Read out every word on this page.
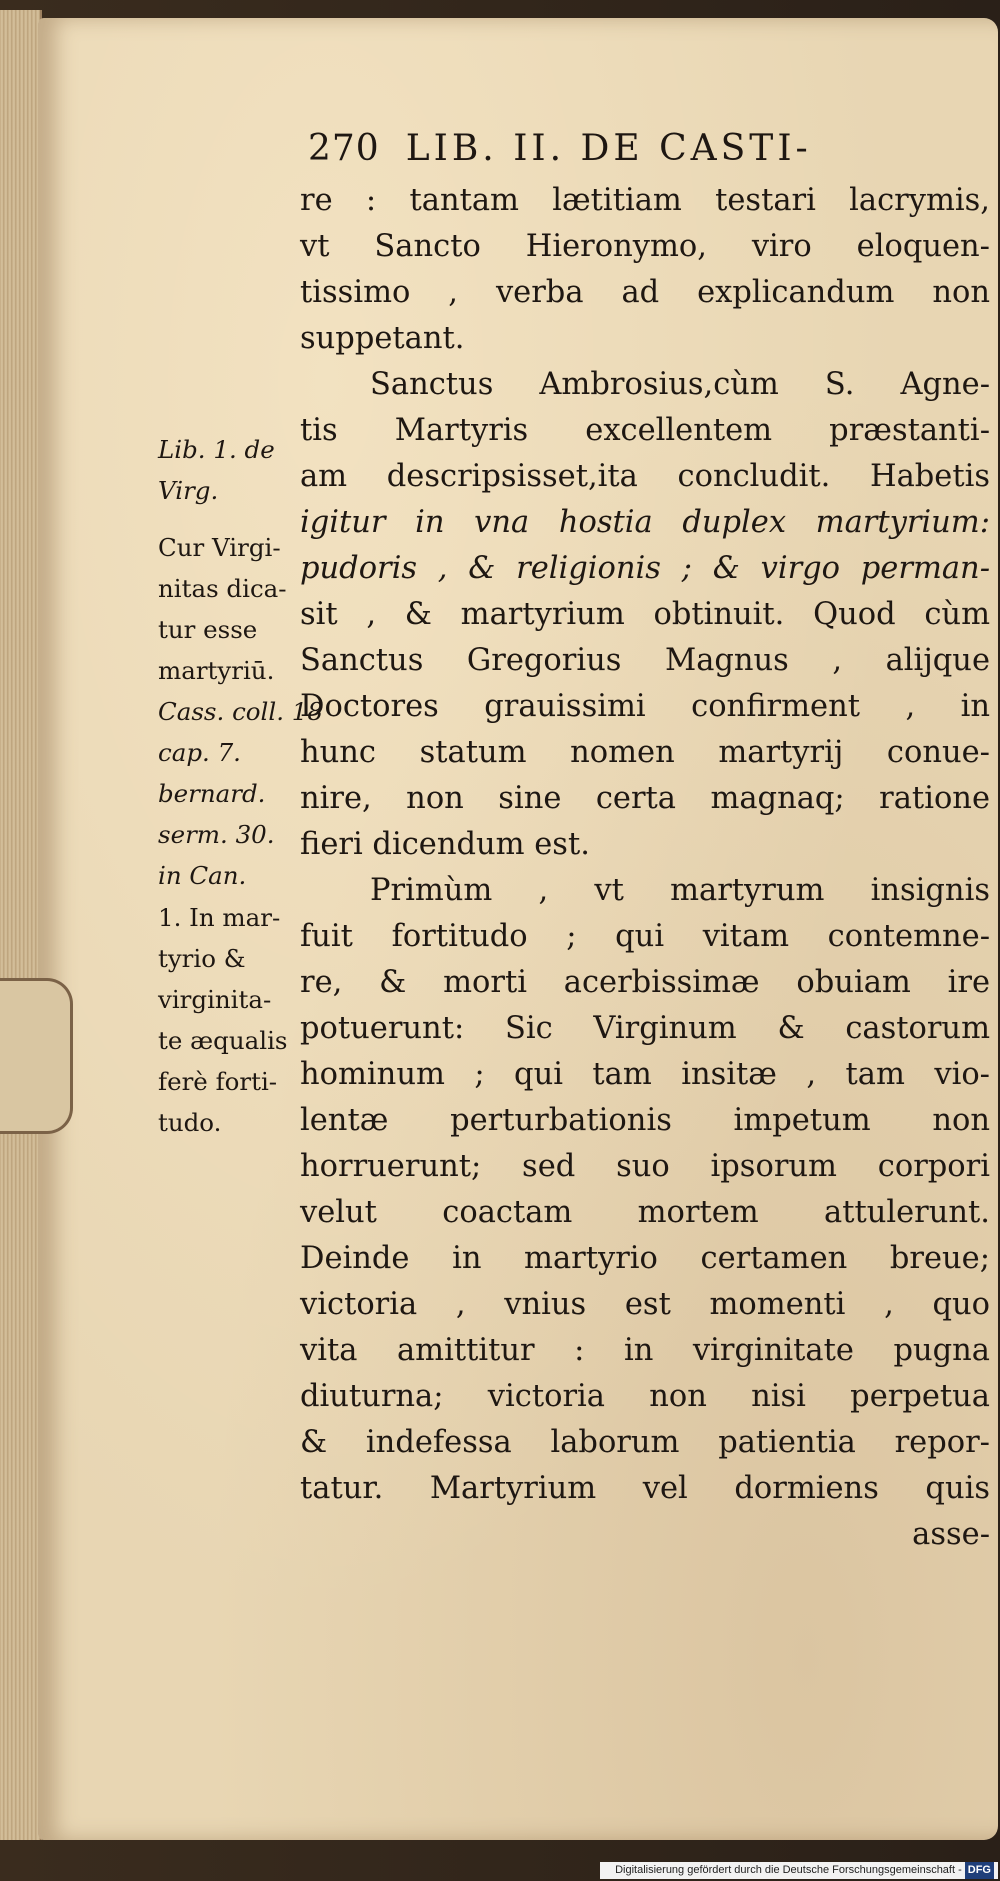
270 LIB. II. DE CASTI-
re : tantam lætitiam testari lacrymis,
vt Sancto Hieronymo, viro eloquen-
tissimo , verba ad explicandum non
suppetant.
Sanctus Ambrosius,cùm S. Agne-
tis Martyris excellentem præstanti-
am descripsisset,ita concludit. Habetis
igitur in vna hostia duplex martyrium:
pudoris , & religionis ; & virgo perman-
sit , & martyrium obtinuit. Quod cùm
Sanctus Gregorius Magnus , alijque
Doctores grauissimi confirment , in
hunc statum nomen martyrij conue-
nire, non sine certa magnaq; ratione
fieri dicendum est.
Primùm , vt martyrum insignis
fuit fortitudo ; qui vitam contemne-
re, & morti acerbissimæ obuiam ire
potuerunt: Sic Virginum & castorum
hominum ; qui tam insitæ , tam vio-
lentæ perturbationis impetum non
horruerunt; sed suo ipsorum corpori
velut coactam mortem attulerunt.
Deinde in martyrio certamen breue;
victoria , vnius est momenti , quo
vita amittitur : in virginitate pugna
diuturna; victoria non nisi perpetua
& indefessa laborum patientia repor-
tatur. Martyrium vel dormiens quis
asse-
Lib. 1. de
Virg.
Cur Virgi-
nitas dica-
tur esse
martyriū.
Cass. coll. 18
cap. 7.
bernard.
serm. 30.
in Can.
1. In mar-
tyrio &
virginita-
te æqualis
ferè forti-
tudo.
Digitalisierung gefördert durch die Deutsche Forschungsgemeinschaft - DFG
